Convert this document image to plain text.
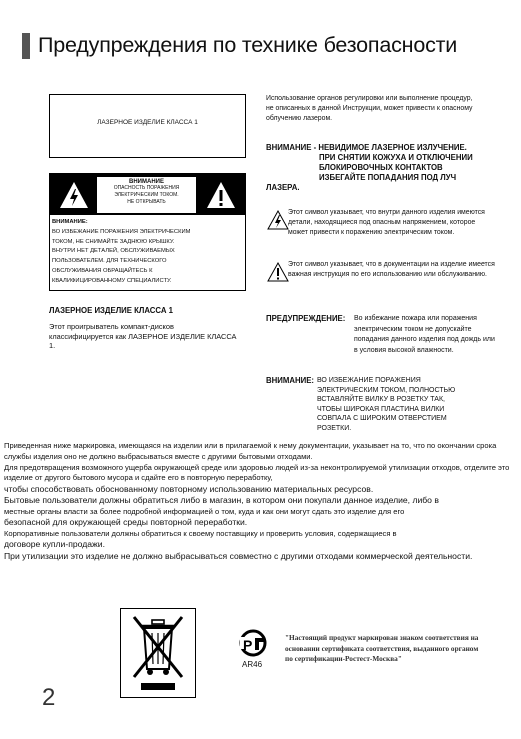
Предупреждения по технике безопасности
ЛАЗЕРНОЕ ИЗДЕЛИЕ КЛАССА 1
ВНИМАНИЕ
ОПАСНОСТЬ ПОРАЖЕНИЯ
ЭЛЕКТРИЧЕСКИМ ТОКОМ.
НЕ ОТКРЫВАТЬ
ВНИМАНИЕ:
ВО ИЗБЕЖАНИЕ ПОРАЖЕНИЯ ЭЛЕКТРИЧЕСКИМ
ТОКОМ, НЕ СНИМАЙТЕ ЗАДНЮЮ КРЫШКУ.
ВНУТРИ НЕТ ДЕТАЛЕЙ, ОБСЛУЖИВАЕМЫХ
ПОЛЬЗОВАТЕЛЕМ. ДЛЯ ТЕХНИЧЕСКОГО
ОБСЛУЖИВАНИЯ ОБРАЩАЙТЕСЬ К
КВАЛИФИЦИРОВАННОМУ СПЕЦИАЛИСТУ.
ЛАЗЕРНОЕ ИЗДЕЛИЕ КЛАССА 1
Этот проигрыватель компакт-дисков классифицируется как ЛАЗЕРНОЕ ИЗДЕЛИЕ КЛАССА 1.
Использование органов регулировки или выполнение процедур, не описанных в данной Инструкции, может привести к опасному облучению лазером.
ВНИМАНИЕ - НЕВИДИМОЕ ЛАЗЕРНОЕ ИЗЛУЧЕНИЕ.
ПРИ СНЯТИИ КОЖУХА И ОТКЛЮЧЕНИИ
БЛОКИРОВОЧНЫХ КОНТАКТОВ
ИЗБЕГАЙТЕ ПОПАДАНИЯ ПОД ЛУЧ
ЛАЗЕРА.
Этот символ указывает, что внутри данного изделия имеются детали, находящиеся под опасным напряжением, которое может привести к поражению электрическим током.
Этот символ указывает, что в документации на изделие имеется важная инструкция по его использованию или обслуживанию.
ПРЕДУПРЕЖДЕНИЕ: Во избежание пожара или поражения электрическим током не допускайте попадания данного изделия под дождь или в условия высокой влажности.
ВНИМАНИЕ: ВО ИЗБЕЖАНИЕ ПОРАЖЕНИЯ
ЭЛЕКТРИЧЕСКИМ ТОКОМ, ПОЛНОСТЬЮ
ВСТАВЛЯЙТЕ ВИЛКУ В РОЗЕТКУ ТАК,
ЧТОБЫ ШИРОКАЯ ПЛАСТИНА ВИЛКИ
СОВПАЛА С ШИРОКИМ ОТВЕРСТИЕМ
РОЗЕТКИ.

Приведенная ниже маркировка, имеющаяся на изделии или в прилагаемой к нему документации, указывает на то, что по окончании срока службы изделия оно не должно выбрасываться вместе с другими бытовыми отходами.

Для предотвращения возможного ущерба окружающей среде или здоровью людей из-за неконтролируемой утилизации отходов, отделите это изделие от другого бытового мусора и сдайте его в повторную переработку,

чтобы способствовать обоснованному повторному использованию материальных ресурсов.

Бытовые пользователи должны обратиться либо в магазин, в котором они покупали данное изделие, либо в

местные органы власти за более подробной информацией о том, куда и как они могут сдать это изделие для его

безопасной для окружающей среды повторной переработки.

Корпоративные пользователи должны обратиться к своему поставщику и проверить условия, содержащиеся в

договоре купли-продажи.

При утилизации это изделие не должно выбрасываться совместно с другими отходами коммерческой деятельности.

P
AR46
"Настоящий продукт маркирован знаком соответствия на
основании сертификата соответствия, выданного органом
по сертификации-Ростест-Москва"
2
